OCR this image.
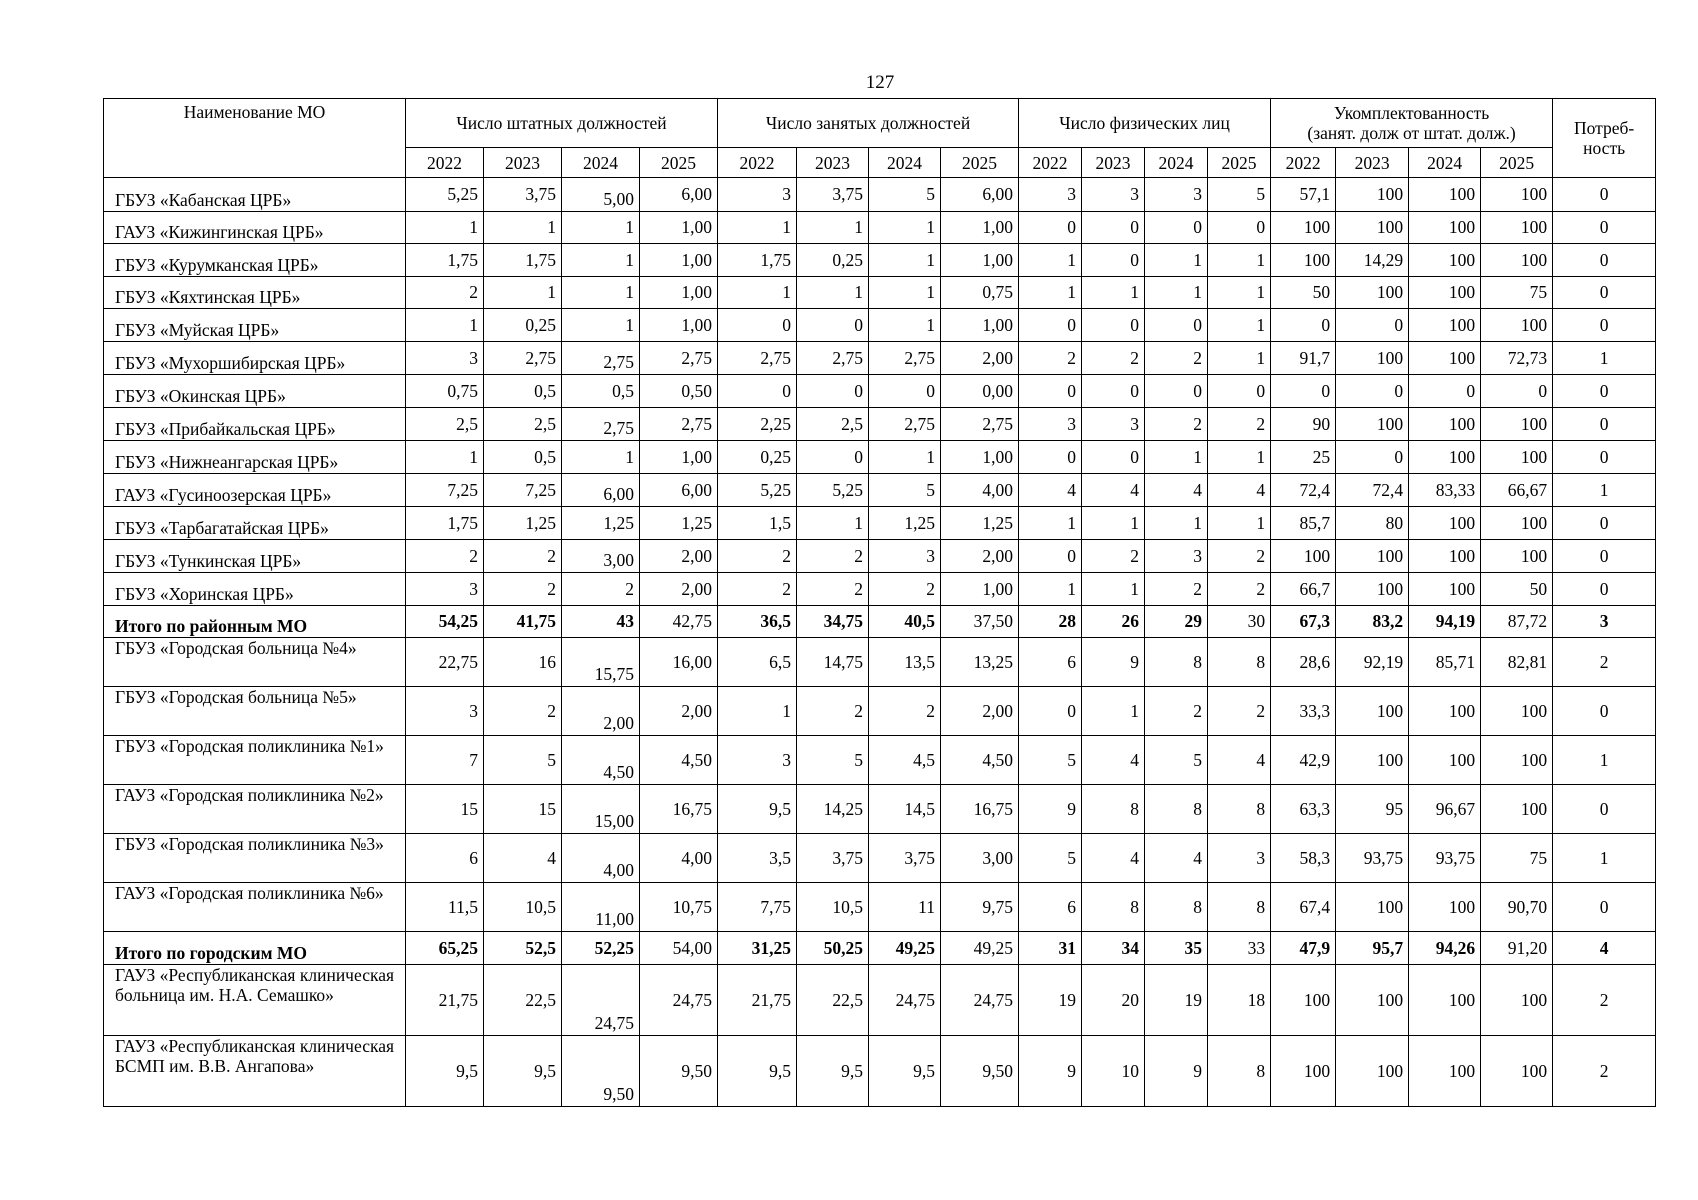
127
Наименование МО	Число штатных должностей				Число занятых должностей				Число физических лиц				Укомплектованность
(занят. долж от штат. долж.)				Потреб-
ность
	2022	2023	2024	2025	2022	2023	2024	2025	2022	2023	2024	2025	2022	2023	2024	2025	
ГБУЗ «Кабанская ЦРБ»	5,25	3,75	5,00	6,00	3	3,75	5	6,00	3	3	3	5	57,1	100	100	100	0
ГАУЗ «Кижингинская ЦРБ»	1	1	1	1,00	1	1	1	1,00	0	0	0	0	100	100	100	100	0
ГБУЗ «Курумканская ЦРБ»	1,75	1,75	1	1,00	1,75	0,25	1	1,00	1	0	1	1	100	14,29	100	100	0
ГБУЗ «Кяхтинская ЦРБ»	2	1	1	1,00	1	1	1	0,75	1	1	1	1	50	100	100	75	0
ГБУЗ «Муйская ЦРБ»	1	0,25	1	1,00	0	0	1	1,00	0	0	0	1	0	0	100	100	0
ГБУЗ «Мухоршибирская ЦРБ»	3	2,75	2,75	2,75	2,75	2,75	2,75	2,00	2	2	2	1	91,7	100	100	72,73	1
ГБУЗ «Окинская ЦРБ»	0,75	0,5	0,5	0,50	0	0	0	0,00	0	0	0	0	0	0	0	0	0
ГБУЗ «Прибайкальская ЦРБ»	2,5	2,5	2,75	2,75	2,25	2,5	2,75	2,75	3	3	2	2	90	100	100	100	0
ГБУЗ «Нижнеангарская ЦРБ»	1	0,5	1	1,00	0,25	0	1	1,00	0	0	1	1	25	0	100	100	0
ГАУЗ «Гусиноозерская ЦРБ»	7,25	7,25	6,00	6,00	5,25	5,25	5	4,00	4	4	4	4	72,4	72,4	83,33	66,67	1
ГБУЗ «Тарбагатайская ЦРБ»	1,75	1,25	1,25	1,25	1,5	1	1,25	1,25	1	1	1	1	85,7	80	100	100	0
ГБУЗ «Тункинская ЦРБ»	2	2	3,00	2,00	2	2	3	2,00	0	2	3	2	100	100	100	100	0
ГБУЗ «Хоринская ЦРБ»	3	2	2	2,00	2	2	2	1,00	1	1	2	2	66,7	100	100	50	0
Итого по районным МО	54,25	41,75	43	42,75	36,5	34,75	40,5	37,50	28	26	29	30	67,3	83,2	94,19	87,72	3
ГБУЗ «Городская больница №4»	22,75	16	15,75	16,00	6,5	14,75	13,5	13,25	6	9	8	8	28,6	92,19	85,71	82,81	2
ГБУЗ «Городская больница №5»	3	2	2,00	2,00	1	2	2	2,00	0	1	2	2	33,3	100	100	100	0
ГБУЗ «Городская поликлиника №1»	7	5	4,50	4,50	3	5	4,5	4,50	5	4	5	4	42,9	100	100	100	1
ГАУЗ «Городская поликлиника №2»	15	15	15,00	16,75	9,5	14,25	14,5	16,75	9	8	8	8	63,3	95	96,67	100	0
ГБУЗ «Городская поликлиника №3»	6	4	4,00	4,00	3,5	3,75	3,75	3,00	5	4	4	3	58,3	93,75	93,75	75	1
ГАУЗ «Городская поликлиника №6»	11,5	10,5	11,00	10,75	7,75	10,5	11	9,75	6	8	8	8	67,4	100	100	90,70	0
Итого по городским МО	65,25	52,5	52,25	54,00	31,25	50,25	49,25	49,25	31	34	35	33	47,9	95,7	94,26	91,20	4
ГАУЗ «Республиканская клиническая больница им. Н.А. Семашко»	21,75	22,5	24,75	24,75	21,75	22,5	24,75	24,75	19	20	19	18	100	100	100	100	2
ГАУЗ «Республиканская клиническая БСМП им. В.В. Ангапова»	9,5	9,5	9,50	9,50	9,5	9,5	9,5	9,50	9	10	9	8	100	100	100	100	2
